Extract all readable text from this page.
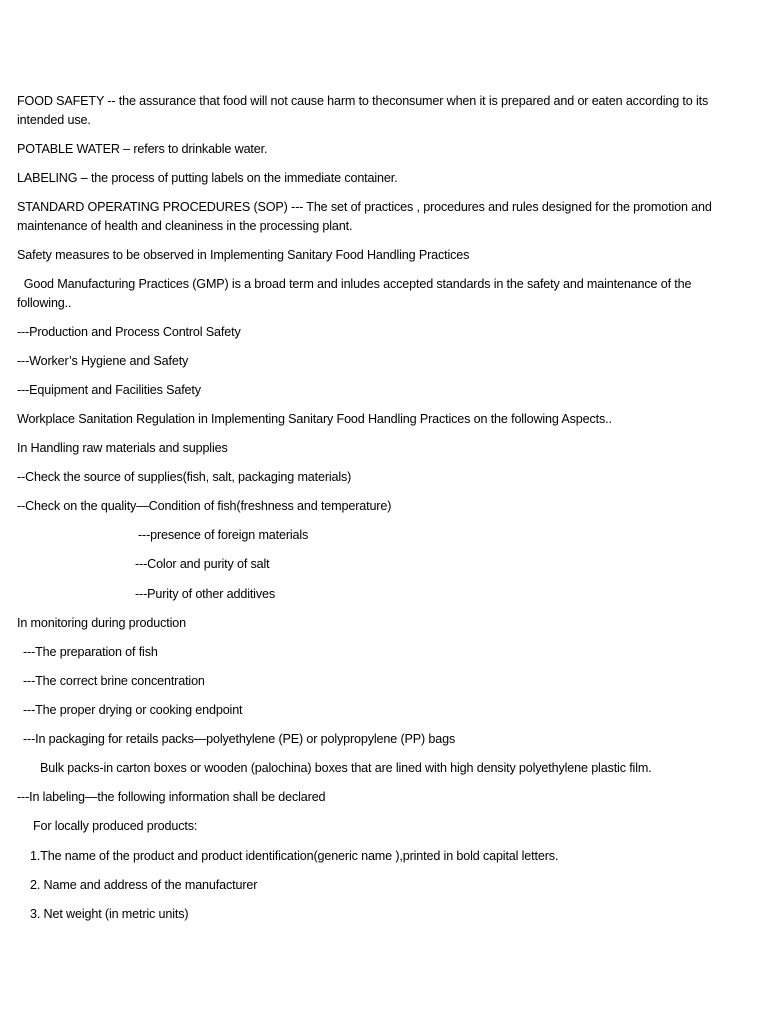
FOOD SAFETY -- the assurance that food will not cause harm to theconsumer when it is prepared and or eaten according to its intended use.
POTABLE WATER – refers to drinkable water.
LABELING – the process of putting labels on the immediate container.
STANDARD OPERATING PROCEDURES (SOP) --- The set of practices , procedures and rules designed for the promotion and maintenance of health and cleaniness in the processing plant.
Safety measures to be observed in Implementing Sanitary Food Handling Practices
Good Manufacturing Practices (GMP) is a broad term and inludes accepted standards in the safety and maintenance of the following..
---Production and Process Control Safety
---Worker’s Hygiene and Safety
---Equipment and Facilities Safety
Workplace Sanitation Regulation in Implementing Sanitary Food Handling Practices on the following Aspects..
In Handling raw materials and supplies
--Check the source of supplies(fish, salt, packaging materials)
--Check on the quality—Condition of fish(freshness and temperature)
---presence of foreign materials
---Color and purity of salt
---Purity of other additives
In monitoring during production
---The preparation of fish
---The correct brine concentration
---The proper drying or cooking endpoint
---In packaging for retails packs—polyethylene (PE) or polypropylene (PP) bags
Bulk packs-in carton boxes or wooden (palochina) boxes that are lined with high density polyethylene plastic film.
---In labeling—the following information shall be declared
For locally produced products:
1.The name of the product and product identification(generic name ),printed in bold capital letters.
2. Name and address of the manufacturer
3. Net weight (in metric units)
